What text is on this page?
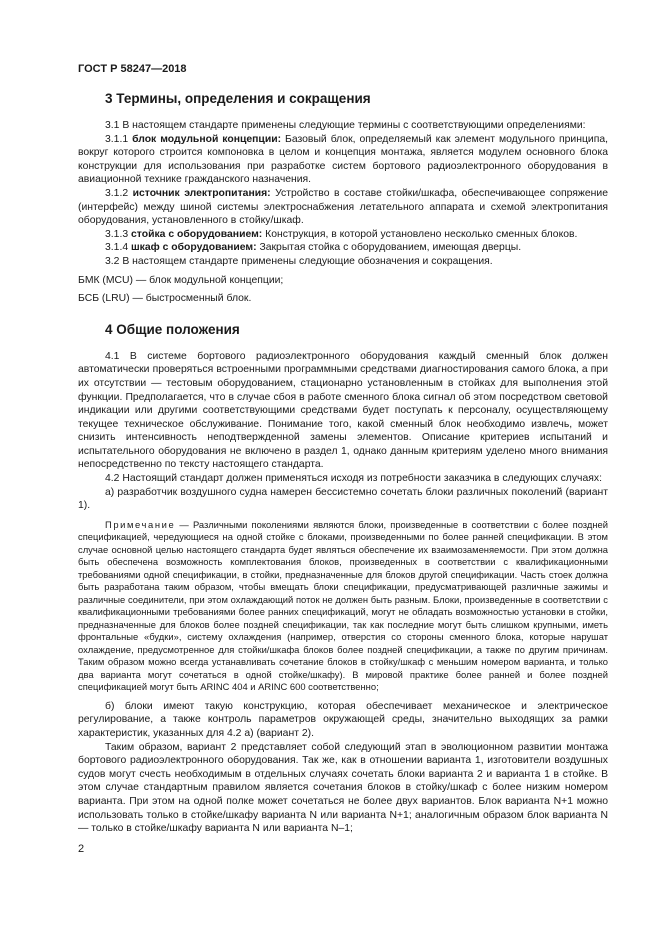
ГОСТ Р 58247—2018
3 Термины, определения и сокращения

3.1 В настоящем стандарте применены следующие термины с соответствующими определениями:

3.1.1 блок модульной концепции: Базовый блок, определяемый как элемент модульного принципа, вокруг которого строится компоновка в целом и концепция монтажа, является модулем основного блока конструкции для использования при разработке систем бортового радиоэлектронного оборудования в авиационной технике гражданского назначения.

3.1.2 источник электропитания: Устройство в составе стойки/шкафа, обеспечивающее сопряжение (интерфейс) между шиной системы электроснабжения летательного аппарата и схемой электропитания оборудования, установленного в стойку/шкаф.

3.1.3 стойка с оборудованием: Конструкция, в которой установлено несколько сменных блоков.

3.1.4 шкаф с оборудованием: Закрытая стойка с оборудованием, имеющая дверцы.

3.2 В настоящем стандарте применены следующие обозначения и сокращения.

БМК (MCU) — блок модульной концепции;

БСБ (LRU) — быстросменный блок.

4 Общие положения

4.1 В системе бортового радиоэлектронного оборудования каждый сменный блок должен автоматически проверяться встроенными программными средствами диагностирования самого блока, а при их отсутствии — тестовым оборудованием, стационарно установленным в стойках для выполнения этой функции. Предполагается, что в случае сбоя в работе сменного блока сигнал об этом посредством световой индикации или другими соответствующими средствами будет поступать к персоналу, осуществляющему текущее техническое обслуживание. Понимание того, какой сменный блок необходимо извлечь, может снизить интенсивность неподтвержденной замены элементов. Описание критериев испытаний и испытательного оборудования не включено в раздел 1, однако данным критериям уделено много внимания непосредственно по тексту настоящего стандарта.

4.2 Настоящий стандарт должен применяться исходя из потребности заказчика в следующих случаях:

а) разработчик воздушного судна намерен бессистемно сочетать блоки различных поколений (вариант 1).

Примечание — Различными поколениями являются блоки, произведенные в соответствии с более поздней спецификацией, чередующиеся на одной стойке с блоками, произведенными по более ранней спецификации. В этом случае основной целью настоящего стандарта будет являться обеспечение их взаимозаменяемости. При этом должна быть обеспечена возможность комплектования блоков, произведенных в соответствии с квалификационными требованиями одной спецификации, в стойки, предназначенные для блоков другой спецификации. Часть стоек должна быть разработана таким образом, чтобы вмещать блоки спецификации, предусматривающей различные зажимы и различные соединители, при этом охлаждающий поток не должен быть разным. Блоки, произведенные в соответствии с квалификационными требованиями более ранних спецификаций, могут не обладать возможностью установки в стойки, предназначенные для блоков более поздней спецификации, так как последние могут быть слишком крупными, иметь фронтальные «будки», систему охлаждения (например, отверстия со стороны сменного блока, которые нарушат охлаждение, предусмотренное для стойки/шкафа блоков более поздней спецификации, а также по другим причинам. Таким образом можно всегда устанавливать сочетание блоков в стойку/шкаф с меньшим номером варианта, и только два варианта могут сочетаться в одной стойке/шкафу). В мировой практике более ранней и более поздней спецификацией могут быть ARINC 404 и ARINC 600 соответственно;

б) блоки имеют такую конструкцию, которая обеспечивает механическое и электрическое регулирование, а также контроль параметров окружающей среды, значительно выходящих за рамки характеристик, указанных для 4.2 а) (вариант 2).

Таким образом, вариант 2 представляет собой следующий этап в эволюционном развитии монтажа бортового радиоэлектронного оборудования. Так же, как в отношении варианта 1, изготовители воздушных судов могут счесть необходимым в отдельных случаях сочетать блоки варианта 2 и варианта 1 в стойке. В этом случае стандартным правилом является сочетания блоков в стойку/шкаф с более низким номером варианта. При этом на одной полке может сочетаться не более двух вариантов. Блок варианта N+1 можно использовать только в стойке/шкафу варианта N или варианта N+1; аналогичным образом блок варианта N — только в стойке/шкафу варианта N или варианта N–1;

2
